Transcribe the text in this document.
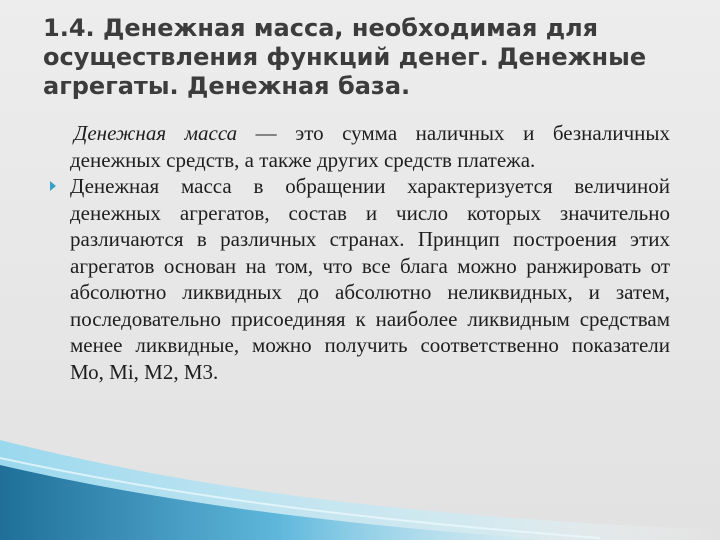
1.4. Денежная масса, необходимая для осуществления функций денег. Денежные агрегаты. Денежная база.

Денежная масса — это сумма наличных и безналичных денежных средств, а также других средств платежа.

Денежная масса в обращении характеризуется величиной денежных агрегатов, состав и число которых значительно различаются в различных странах. Принцип построения этих агрегатов основан на том, что все блага можно ранжировать от абсолютно ликвидных до абсолютно неликвидных, и затем, последовательно присоединяя к наиболее ликвидным средствам менее ликвидные, можно получить соответственно показатели Мо, Мі, М2, М3.
